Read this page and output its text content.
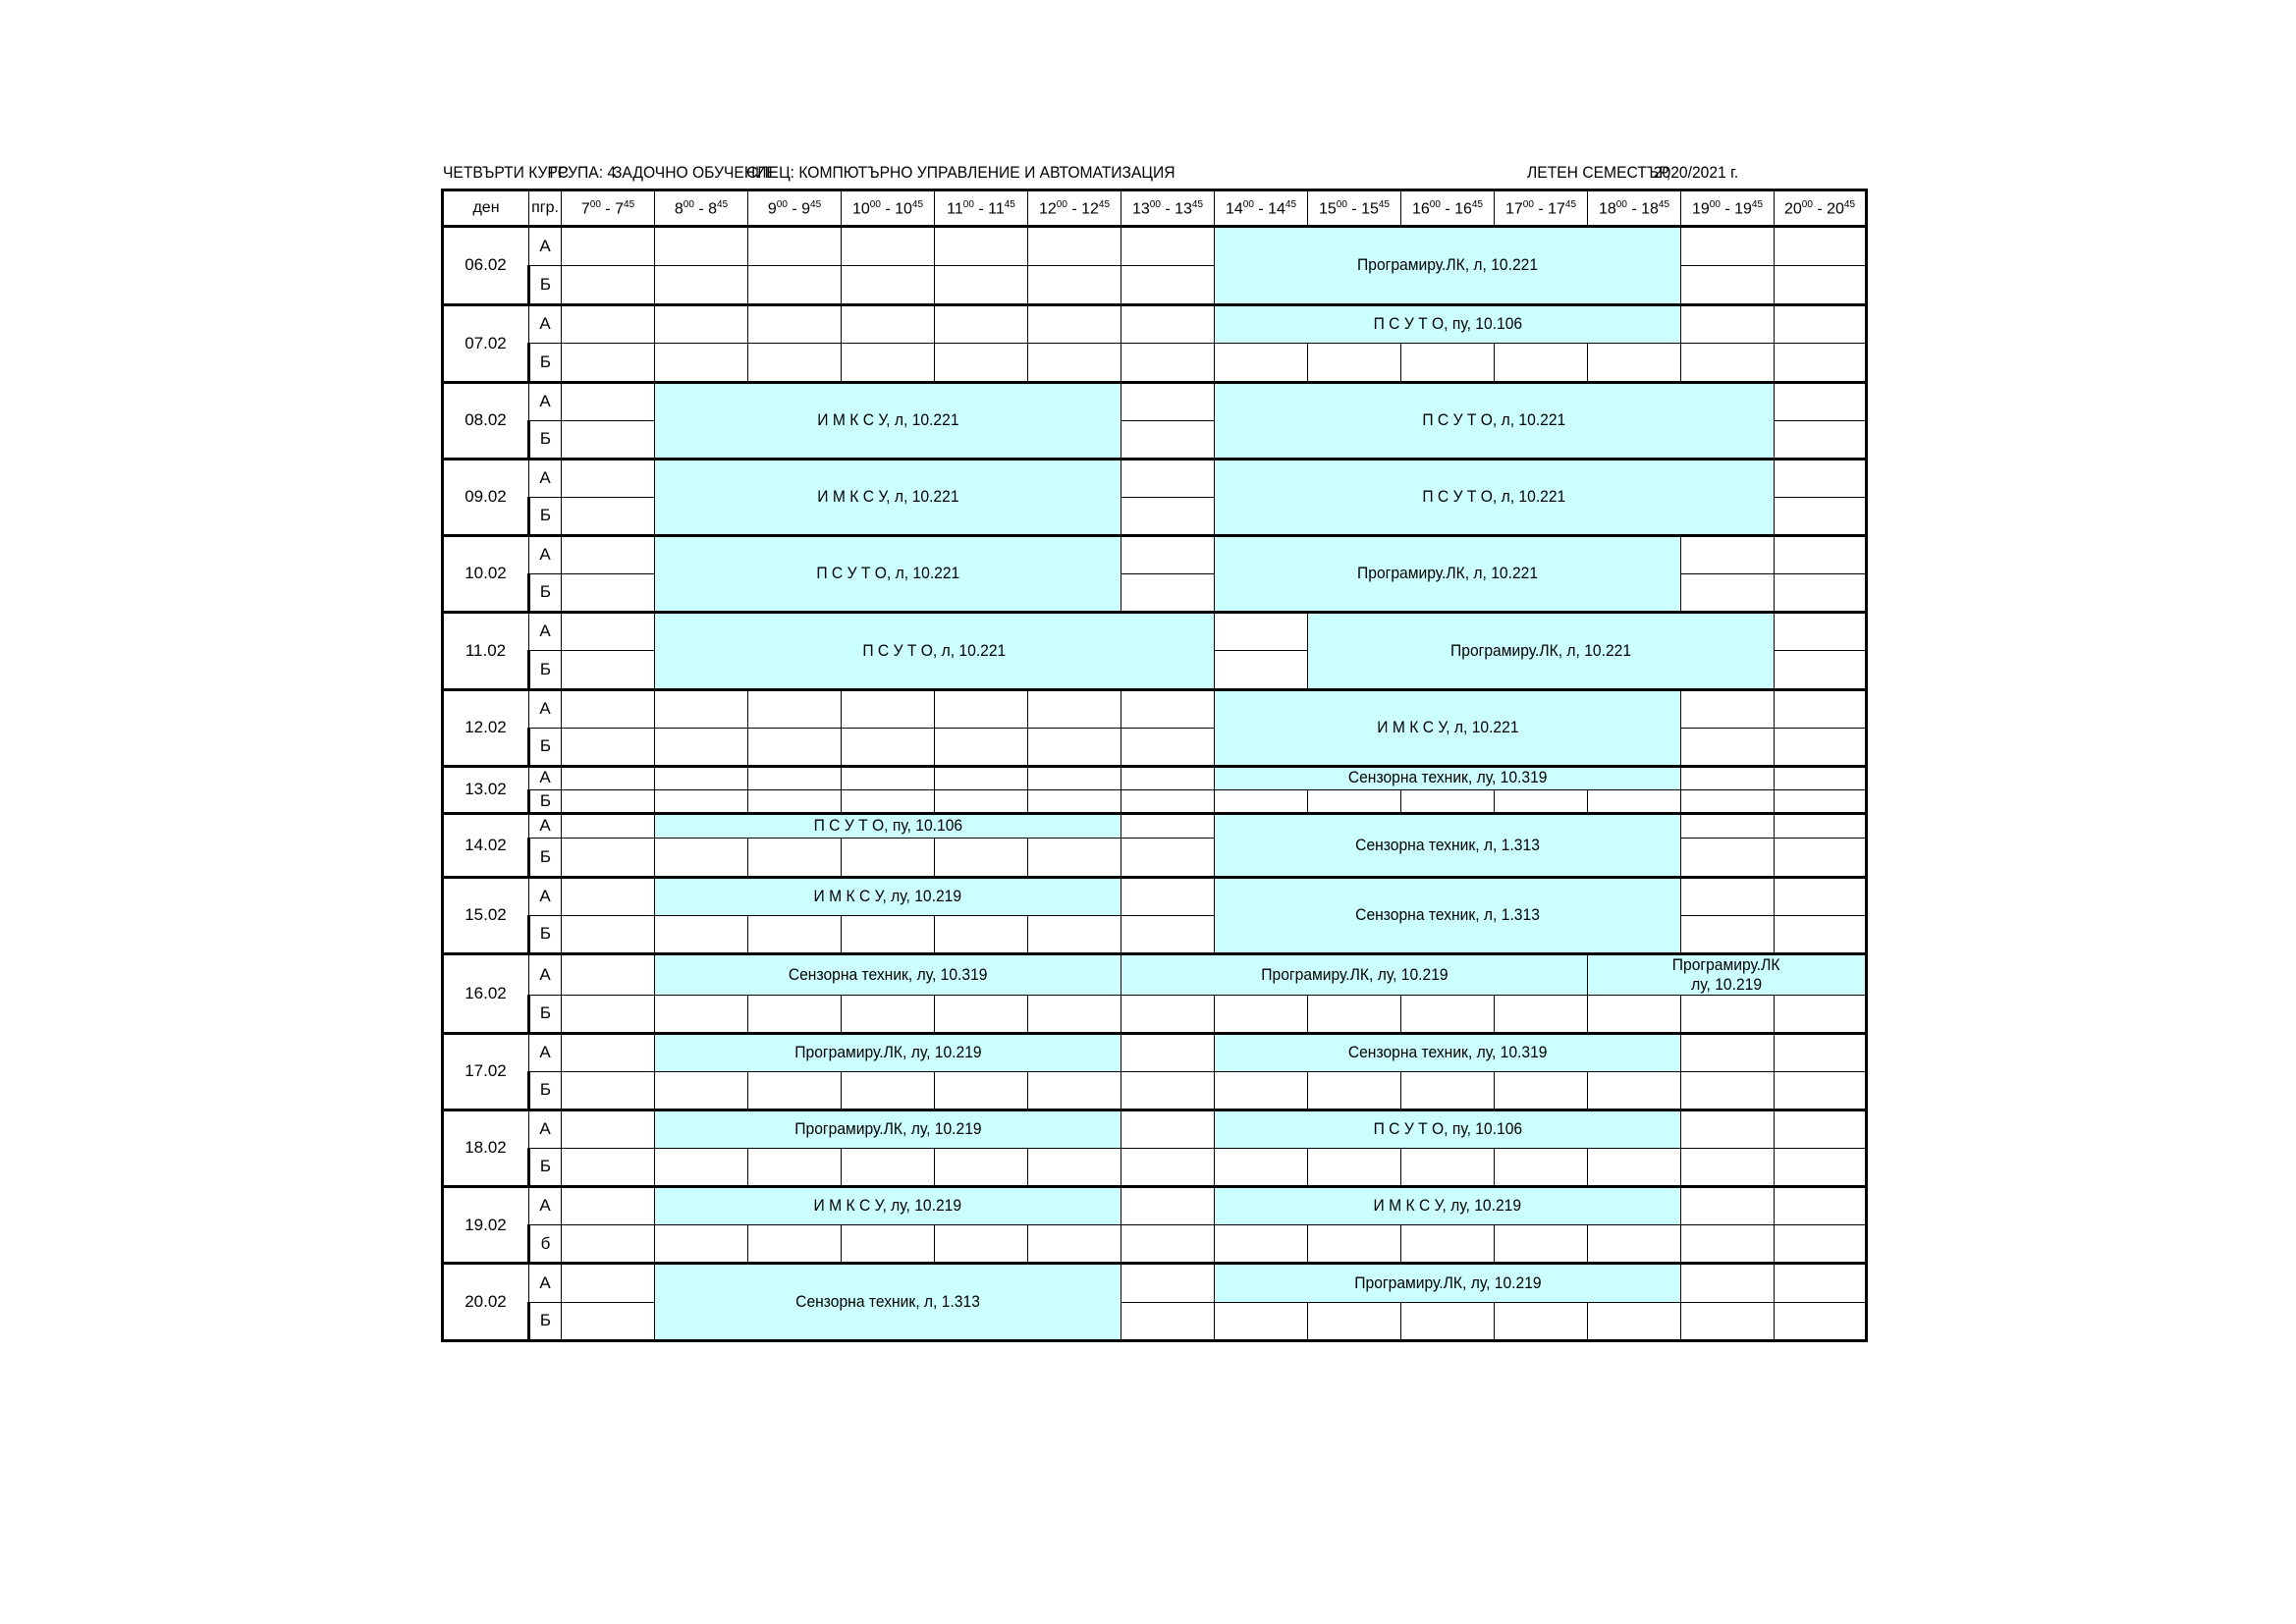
ЧЕТВЪРТИ КУРС
ГРУПА: 4
ЗАДОЧНО ОБУЧЕНИЕ
СПЕЦ: КОМПЮТЪРНО УПРАВЛЕНИЕ И АВТОМАТИЗАЦИЯ	ЛЕТЕН СЕМЕСТЪР,
2020/2021 г.
ден	пгр.	$7^{00} - 7^{45}$	$8^{00} - 8^{45}$	$9^{00} - 9^{45}$	$10^{00} - 10^{45}$	$11^{00} - 11^{45}$	$12^{00} - 12^{45}$	$13^{00} - 13^{45}$	$14^{00} - 14^{45}$	$15^{00} - 15^{45}$	$16^{00} - 16^{45}$	$17^{00} - 17^{45}$	$18^{00} - 18^{45}$	$19^{00} - 19^{45}$	$20^{00} - 20^{45}$
06.02	А								Програмиру.ЛК, л, 10.221						
	Б														
07.02	А								П С У Т О, пу, 10.106						
	Б														
08.02	А		И М К С У, л, 10.221						П С У Т О, л, 10.221						
	Б														
09.02	А		И М К С У, л, 10.221						П С У Т О, л, 10.221						
	Б														
10.02	А		П С У Т О, л, 10.221						Програмиру.ЛК, л, 10.221						
	Б														
11.02	А		П С У Т О, л, 10.221							Програмиру.ЛК, л, 10.221					
	Б														
12.02	А								И М К С У, л, 10.221						
	Б														
13.02	А								Сензорна техник, лу, 10.319						
	Б														
14.02	А		П С У Т О, пу, 10.106						Сензорна техник, л, 1.313						
	Б														
15.02	А		И М К С У, лу, 10.219						Сензорна техник, л, 1.313						
	Б														
16.02	А		Сензорна техник, лу, 10.319					Програмиру.ЛК, лу, 10.219					Програмиру.ЛК
лу, 10.219		
	Б														
17.02	А		Програмиру.ЛК, лу, 10.219						Сензорна техник, лу, 10.319						
	Б														
18.02	А		Програмиру.ЛК, лу, 10.219						П С У Т О, пу, 10.106						
	Б														
19.02	А		И М К С У, лу, 10.219						И М К С У, лу, 10.219						
	б														
20.02	А		Сензорна техник, л, 1.313						Програмиру.ЛК, лу, 10.219						
	Б														
